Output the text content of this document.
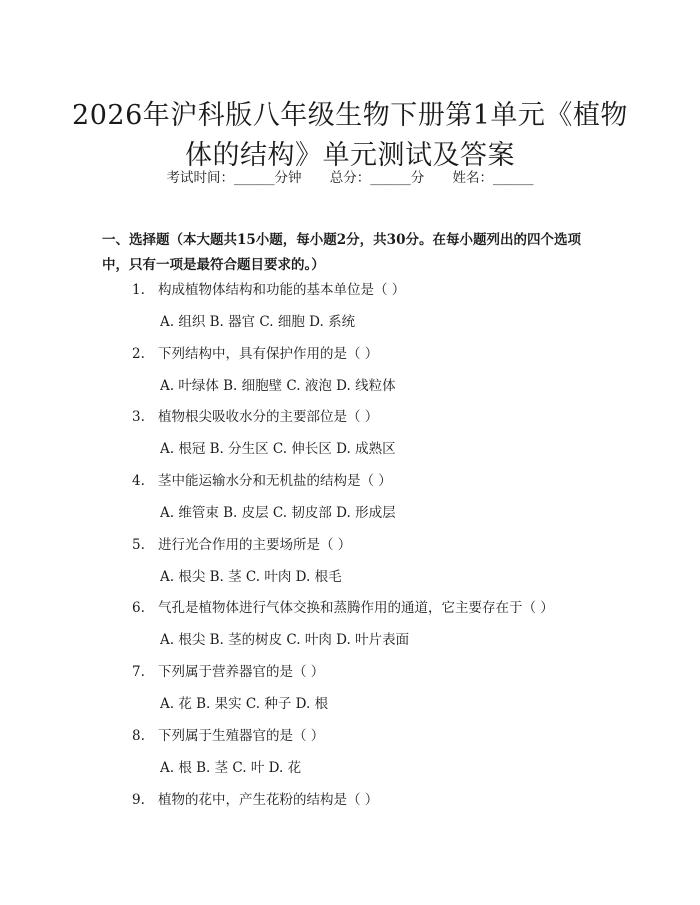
2026年沪科版八年级生物下册第1单元《植物体的结构》单元测试及答案
考试时间：______分钟 总分：______分 姓名：______
一、选择题（本大题共15小题，每小题2分，共30分。在每小题列出的四个选项中，只有一项是最符合题目要求的。）
1. 构成植物体结构和功能的基本单位是（ ）
A. 组织 B. 器官 C. 细胞 D. 系统
2. 下列结构中，具有保护作用的是（ ）
A. 叶绿体 B. 细胞壁 C. 液泡 D. 线粒体
3. 植物根尖吸收水分的主要部位是（ ）
A. 根冠 B. 分生区 C. 伸长区 D. 成熟区
4. 茎中能运输水分和无机盐的结构是（ ）
A. 维管束 B. 皮层 C. 韧皮部 D. 形成层
5. 进行光合作用的主要场所是（ ）
A. 根尖 B. 茎 C. 叶肉 D. 根毛
6. 气孔是植物体进行气体交换和蒸腾作用的通道，它主要存在于（ ）
A. 根尖 B. 茎的树皮 C. 叶肉 D. 叶片表面
7. 下列属于营养器官的是（ ）
A. 花 B. 果实 C. 种子 D. 根
8. 下列属于生殖器官的是（ ）
A. 根 B. 茎 C. 叶 D. 花
9. 植物的花中，产生花粉的结构是（ ）
